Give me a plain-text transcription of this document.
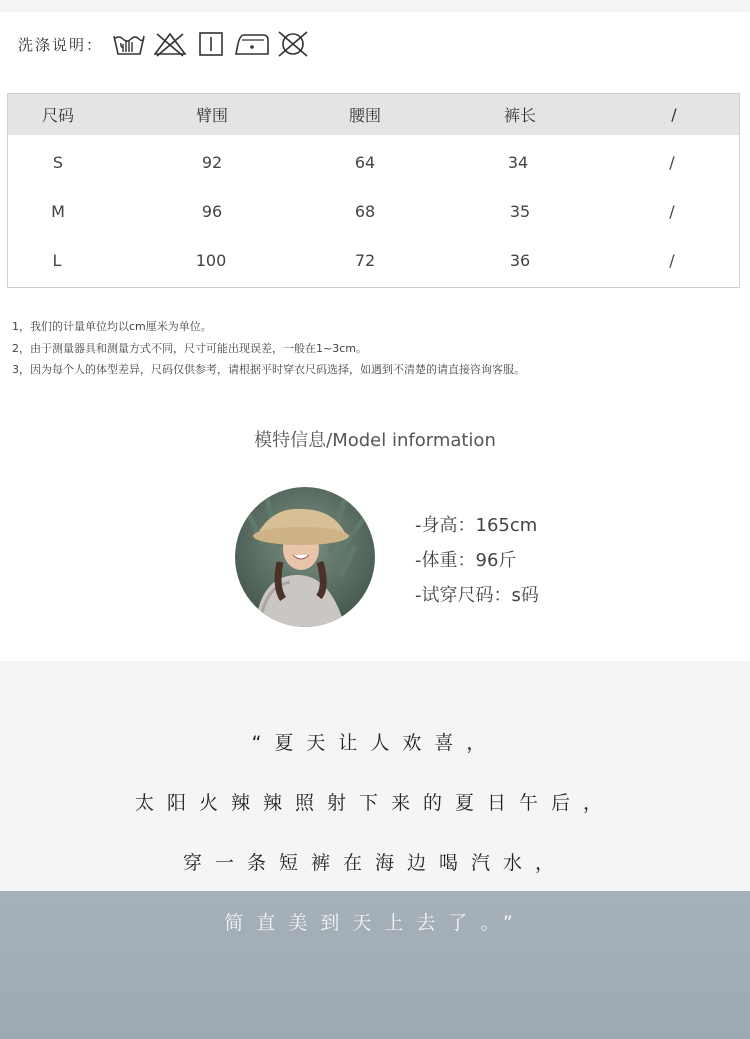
洗涤说明：
尺码	臂围	腰围	裤长	/
S	92	64	34	/
M	96	68	35	/
L	100	72	36	/
1，我们的计量单位均以cm厘米为单位。
2，由于测量器具和测量方式不同，尺寸可能出现误差，一般在1~3cm。
3，因为每个人的体型差异，尺码仅供参考，请根据平时穿衣尺码选择，如遇到不清楚的请直接咨询客服。
模特信息/Model information
-身高：165cm
-体重：96斤
-试穿尺码：s码
“夏天让人欢喜，
太阳火辣辣照射下来的夏日午后，
穿一条短裤在海边喝汽水，
简直美到天上去了。”
